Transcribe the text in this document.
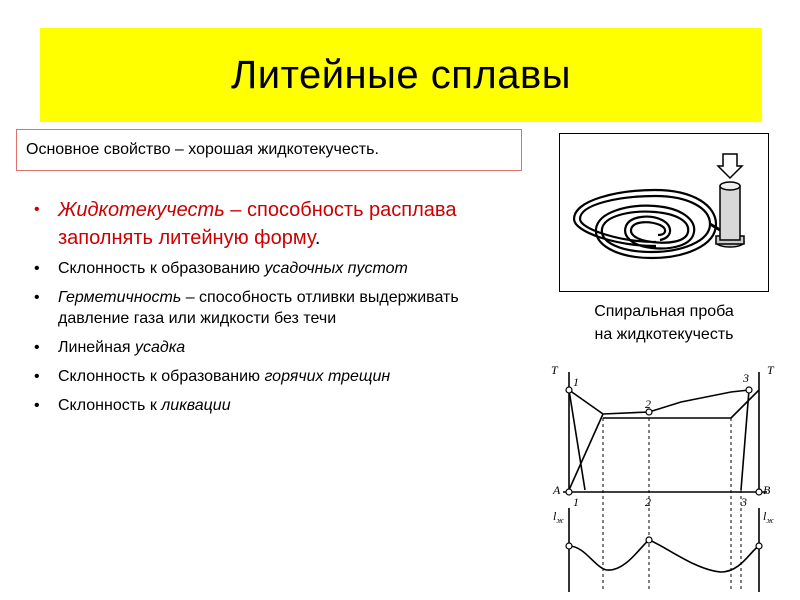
Литейные сплавы
Основное свойство – хорошая жидкотекучесть.
• Жидкотекучесть – способность расплава заполнять литейную форму.
• Склонность к образованию усадочных пустот
• Герметичность – способность отливки выдерживать давление газа или жидкости без течи
• Линейная усадка
• Склонность к образованию горячих трещин
• Склонность к ликвации
Спиральная проба
на жидкотекучесть
T	T
1
2
3
A	B
1	2	3
$l_ж$	$l_ж$
